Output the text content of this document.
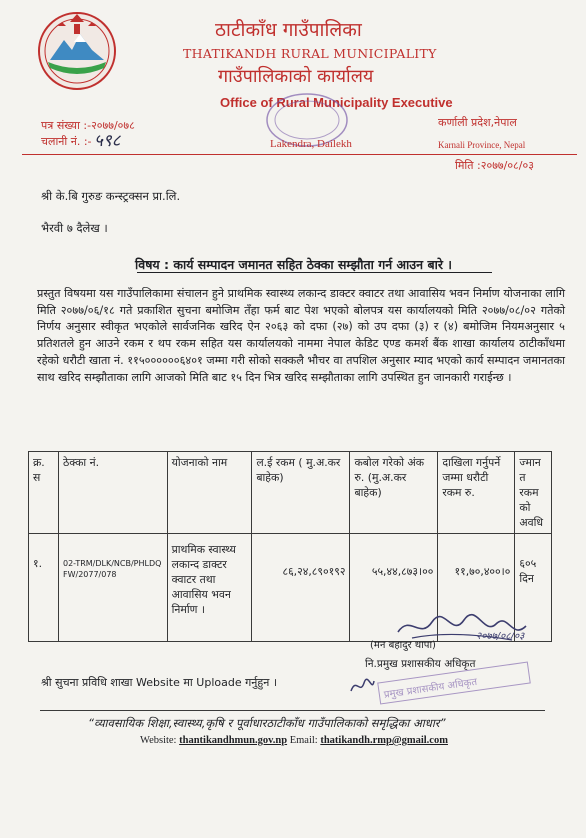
ठाटीकाँध गाउँपालिका
THATIKANDH RURAL MUNICIPALITY
गाउँपालिकाको कार्यालय
Office of Rural Municipality Executive
पत्र संख्या :-२०७७/०७८
चलानी नं. :- ५९८
कर्णाली प्रदेश,नेपाल
Lakendra, Dailekh	Karnali Province, Nepal
मिति :२०७७/०८/०३
श्री के.बि गुरुङ कन्स्ट्रक्सन प्रा.लि.
भैरवी ७ दैलेख ।
विषय : कार्य सम्पादन जमानत सहित ठेक्का सम्झौता गर्न आउन बारे ।
प्रस्तुत विषयमा यस गाउँपालिकामा संचालन हुने प्राथमिक स्वास्थ्य लकान्द डाक्टर क्वाटर तथा आवासिय भवन निर्माण योजनाका लागि मिति २०७७/०६/१८ गते प्रकाशित सुचना बमोजिम तँहा फर्म बाट पेश भएको बोलपत्र यस कार्यालयको मिति २०७७/०८/०२ गतेको निर्णय अनुसार स्वीकृत भएकोले सार्वजनिक खरिद ऐन २०६३ को दफा (२७) को उप दफा (३) र (४) बमोजिम नियमअनुसार ५ प्रतिशतले हुन आउने रकम र थप रकम सहित यस कार्यालयको नाममा नेपाल केडिट एण्ड कमर्श बैंक शाखा कार्यालय ठाटीकाँधमा रहेको धरौटी खाता नं. ११५००००००६४०१ जम्मा गरी सोको सक्कलै भौचर वा तपशिल अनुसार म्याद भएको कार्य सम्पादन जमानतका साथ खरिद सम्झौताका लागि आजको मिति बाट १५ दिन भित्र खरिद सम्झौताका लागि उपस्थित हुन जानकारी गराईन्छ ।
क्र. स	ठेक्का नं.	योजनाको नाम	ल.ई रकम ( मु.अ.कर बाहेक)	कबोल गरेको अंक रु. (मु.अ.कर बाहेक)	दाखिला गर्नुपर्ने जम्मा धरौटी रकम रु.	ज्मान त रकम को अवधि
१.	02-TRM/DLK/NCB/PHLDQFW/2077/078	प्राथमिक स्वास्थ्य लकान्द डाक्टर क्वाटर तथा आवासिय भवन निर्माण ।	८६,२४,८९०१९२	५५,४४,८७३।००	११,७०,४००।०	६०५ दिन
२०७७/०८/०३
(मन बहादुर थापा)
नि.प्रमुख प्रशासकीय अधिकृत
प्रमुख प्रशासकीय अधिकृत
श्री सुचना प्रविधि शाखा Website मा Uploade गर्नुहुन ।
“व्यावसायिक शिक्षा,स्वास्थ्य,कृषि र पूर्वाधारठाटीकाँध गाउँपालिकाको समृद्धिका आधार”
Website: thantikandhmun.gov.np Email: thatikandh.rmp@gmail.com
